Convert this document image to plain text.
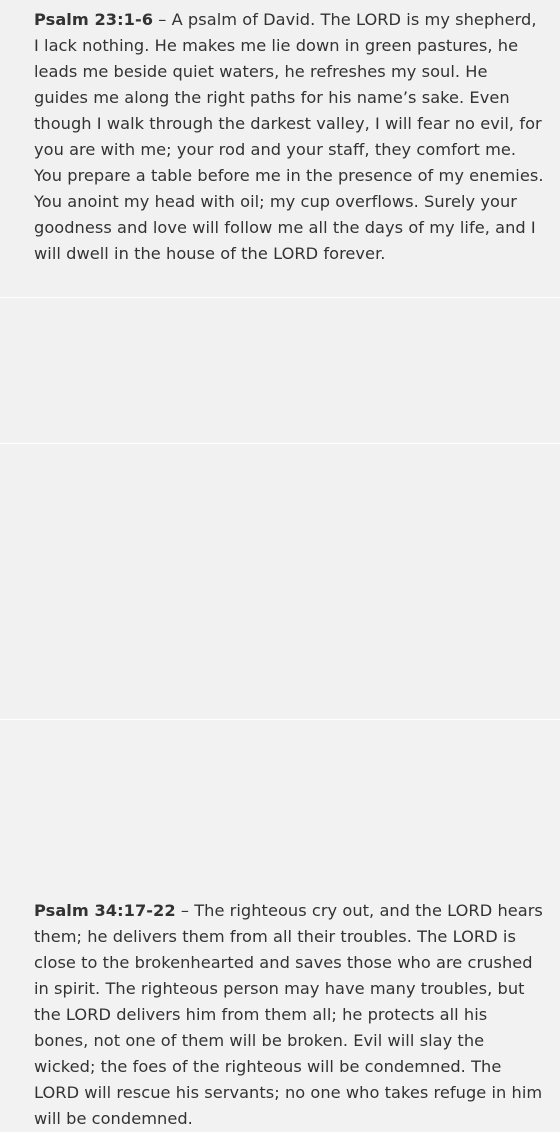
Psalm 23:1-6 – A psalm of David. The LORD is my shepherd, I lack nothing. He makes me lie down in green pastures, he leads me beside quiet waters, he refreshes my soul. He guides me along the right paths for his name’s sake. Even though I walk through the darkest valley, I will fear no evil, for you are with me; your rod and your staff, they comfort me. You prepare a table before me in the presence of my enemies. You anoint my head with oil; my cup overflows. Surely your goodness and love will follow me all the days of my life, and I will dwell in the house of the LORD forever.

Psalm 34:17-22 – The righteous cry out, and the LORD hears them; he delivers them from all their troubles. The LORD is close to the brokenhearted and saves those who are crushed in spirit. The righteous person may have many troubles, but the LORD delivers him from them all; he protects all his bones, not one of them will be broken. Evil will slay the wicked; the foes of the righteous will be condemned. The LORD will rescue his servants; no one who takes refuge in him will be condemned.
